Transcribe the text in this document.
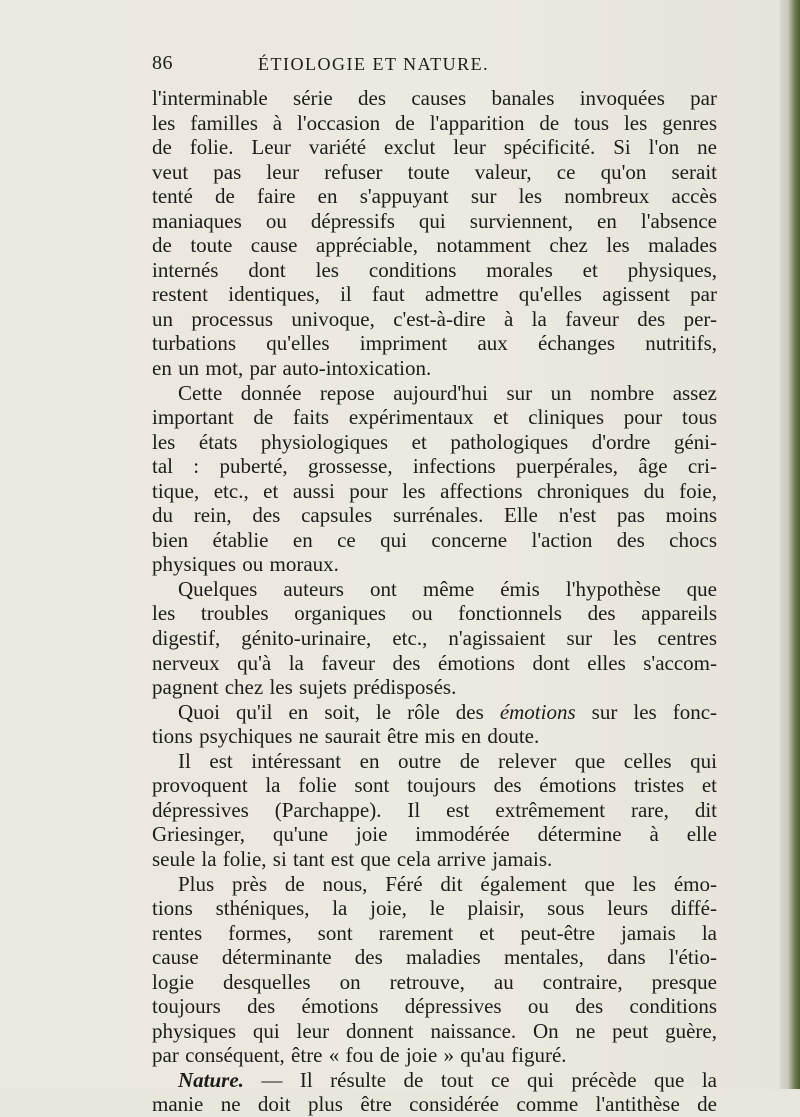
86	ÉTIOLOGIE ET NATURE.
l'interminable série des causes banales invoquées par
les familles à l'occasion de l'apparition de tous les genres
de folie. Leur variété exclut leur spécificité. Si l'on ne
veut pas leur refuser toute valeur, ce qu'on serait
tenté de faire en s'appuyant sur les nombreux accès
maniaques ou dépressifs qui surviennent, en l'absence
de toute cause appréciable, notamment chez les malades
internés dont les conditions morales et physiques,
restent identiques, il faut admettre qu'elles agissent par
un processus univoque, c'est-à-dire à la faveur des per-
turbations qu'elles impriment aux échanges nutritifs,
en un mot, par auto-intoxication.
Cette donnée repose aujourd'hui sur un nombre assez
important de faits expérimentaux et cliniques pour tous
les états physiologiques et pathologiques d'ordre géni-
tal : puberté, grossesse, infections puerpérales, âge cri-
tique, etc., et aussi pour les affections chroniques du foie,
du rein, des capsules surrénales. Elle n'est pas moins
bien établie en ce qui concerne l'action des chocs
physiques ou moraux.
Quelques auteurs ont même émis l'hypothèse que
les troubles organiques ou fonctionnels des appareils
digestif, génito-urinaire, etc., n'agissaient sur les centres
nerveux qu'à la faveur des émotions dont elles s'accom-
pagnent chez les sujets prédisposés.
Quoi qu'il en soit, le rôle des émotions sur les fonc-
tions psychiques ne saurait être mis en doute.
Il est intéressant en outre de relever que celles qui
provoquent la folie sont toujours des émotions tristes et
dépressives (Parchappe). Il est extrêmement rare, dit
Griesinger, qu'une joie immodérée détermine à elle
seule la folie, si tant est que cela arrive jamais.
Plus près de nous, Féré dit également que les émo-
tions sthéniques, la joie, le plaisir, sous leurs diffé-
rentes formes, sont rarement et peut-être jamais la
cause déterminante des maladies mentales, dans l'étio-
logie desquelles on retrouve, au contraire, presque
toujours des émotions dépressives ou des conditions
physiques qui leur donnent naissance. On ne peut guère,
par conséquent, être « fou de joie » qu'au figuré.
Nature. — Il résulte de tout ce qui précède que la
manie ne doit plus être considérée comme l'antithèse de
